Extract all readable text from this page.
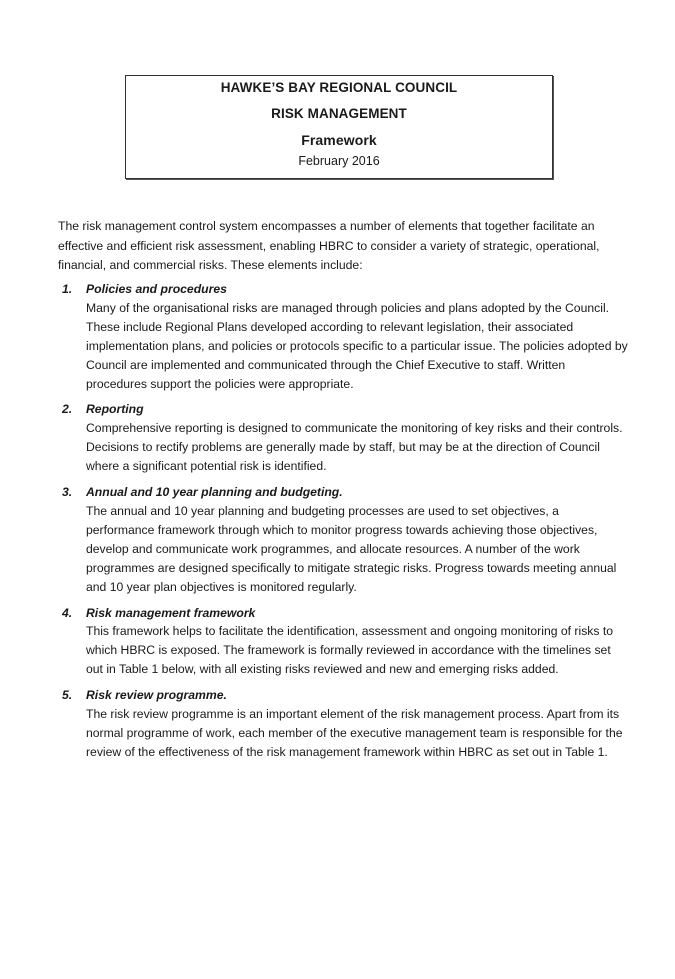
HAWKE’S BAY REGIONAL COUNCIL
RISK MANAGEMENT
Framework
February 2016

The risk management control system encompasses a number of elements that together facilitate an effective and efficient risk assessment, enabling HBRC to consider a variety of strategic, operational, financial, and commercial risks. These elements include:

1. Policies and procedures
Many of the organisational risks are managed through policies and plans adopted by the Council. These include Regional Plans developed according to relevant legislation, their associated implementation plans, and policies or protocols specific to a particular issue. The policies adopted by Council are implemented and communicated through the Chief Executive to staff. Written procedures support the policies were appropriate.
2. Reporting
Comprehensive reporting is designed to communicate the monitoring of key risks and their controls. Decisions to rectify problems are generally made by staff, but may be at the direction of Council where a significant potential risk is identified.
3. Annual and 10 year planning and budgeting.
The annual and 10 year planning and budgeting processes are used to set objectives, a performance framework through which to monitor progress towards achieving those objectives, develop and communicate work programmes, and allocate resources. A number of the work programmes are designed specifically to mitigate strategic risks. Progress towards meeting annual and 10 year plan objectives is monitored regularly.
4. Risk management framework
This framework helps to facilitate the identification, assessment and ongoing monitoring of risks to which HBRC is exposed. The framework is formally reviewed in accordance with the timelines set out in Table 1 below, with all existing risks reviewed and new and emerging risks added.
5. Risk review programme.
The risk review programme is an important element of the risk management process. Apart from its normal programme of work, each member of the executive management team is responsible for the review of the effectiveness of the risk management framework within HBRC as set out in Table 1.
